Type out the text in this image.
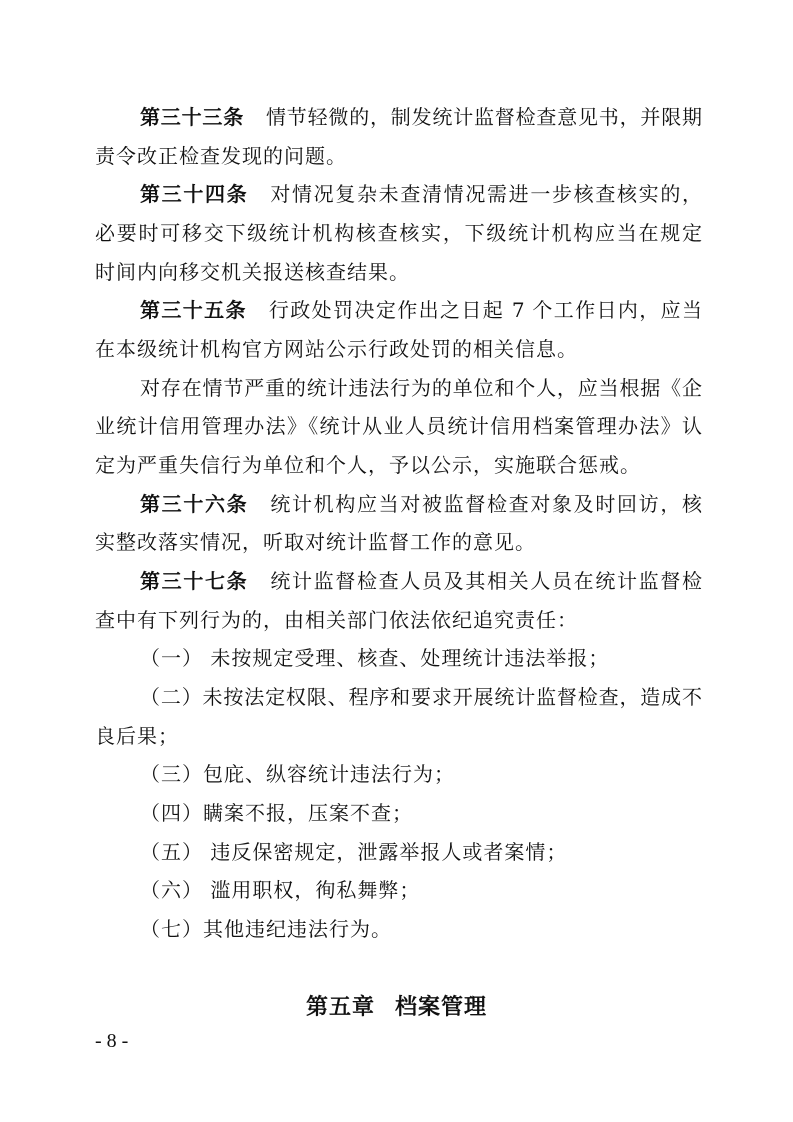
第三十三条 情节轻微的，制发统计监督检查意见书，并限期
责令改正检查发现的问题。
第三十四条 对情况复杂未查清情况需进一步核查核实的，
必要时可移交下级统计机构核查核实，下级统计机构应当在规定
时间内向移交机关报送核查结果。
第三十五条 行政处罚决定作出之日起 7 个工作日内，应当
在本级统计机构官方网站公示行政处罚的相关信息。
对存在情节严重的统计违法行为的单位和个人，应当根据《企
业统计信用管理办法》《统计从业人员统计信用档案管理办法》认
定为严重失信行为单位和个人，予以公示，实施联合惩戒。
第三十六条 统计机构应当对被监督检查对象及时回访，核
实整改落实情况，听取对统计监督工作的意见。
第三十七条 统计监督检查人员及其相关人员在统计监督检
查中有下列行为的，由相关部门依法依纪追究责任：
（一） 未按规定受理、核查、处理统计违法举报；
（二）未按法定权限、程序和要求开展统计监督检查，造成不
良后果；
（三）包庇、纵容统计违法行为；
（四）瞒案不报，压案不查；
（五） 违反保密规定，泄露举报人或者案情；
（六） 滥用职权，徇私舞弊；
（七）其他违纪违法行为。
第五章 档案管理
- 8 -
